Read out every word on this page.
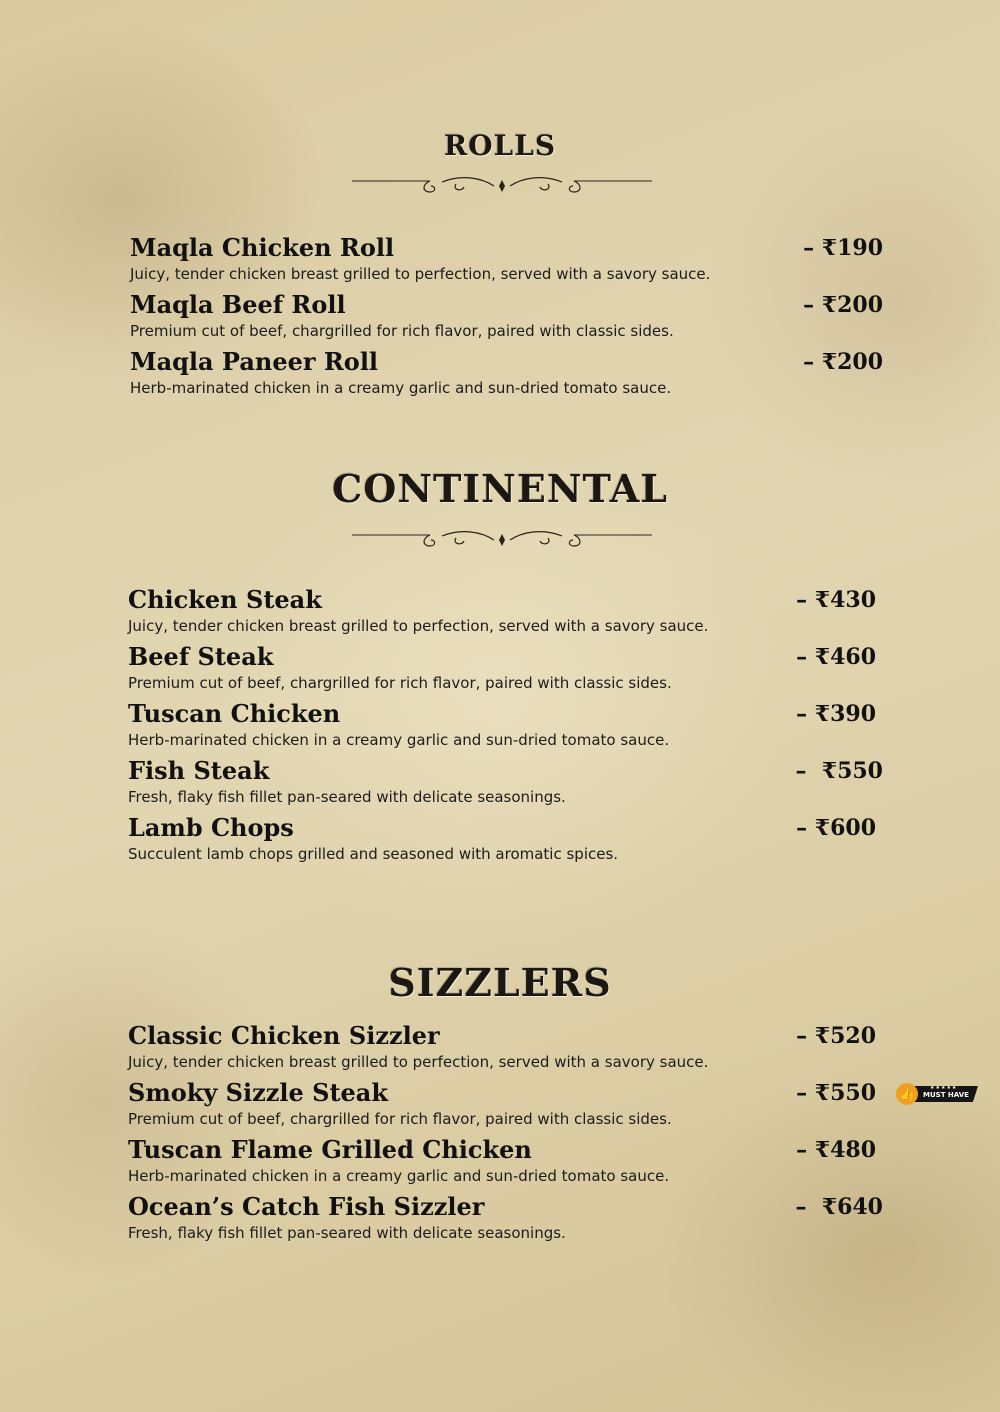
ROLLS
Maqla Chicken Roll	– ₹190
Juicy, tender chicken breast grilled to perfection, served with a savory sauce.
Maqla Beef Roll	– ₹200
Premium cut of beef, chargrilled for rich flavor, paired with classic sides.
Maqla Paneer Roll	– ₹200
Herb-marinated chicken in a creamy garlic and sun-dried tomato sauce.
CONTINENTAL
Chicken Steak	– ₹430
Juicy, tender chicken breast grilled to perfection, served with a savory sauce.
Beef Steak	– ₹460
Premium cut of beef, chargrilled for rich flavor, paired with classic sides.
Tuscan Chicken	– ₹390
Herb-marinated chicken in a creamy garlic and sun-dried tomato sauce.
Fish Steak	–  ₹550
Fresh, flaky fish fillet pan-seared with delicate seasonings.
Lamb Chops	– ₹600
Succulent lamb chops grilled and seasoned with aromatic spices.
SIZZLERS
Classic Chicken Sizzler	– ₹520
Juicy, tender chicken breast grilled to perfection, served with a savory sauce.
Smoky Sizzle Steak	– ₹550
Premium cut of beef, chargrilled for rich flavor, paired with classic sides.
👍	★★★★★
MUST HAVE
Tuscan Flame Grilled Chicken	– ₹480
Herb-marinated chicken in a creamy garlic and sun-dried tomato sauce.
Ocean’s Catch Fish Sizzler	–  ₹640
Fresh, flaky fish fillet pan-seared with delicate seasonings.
